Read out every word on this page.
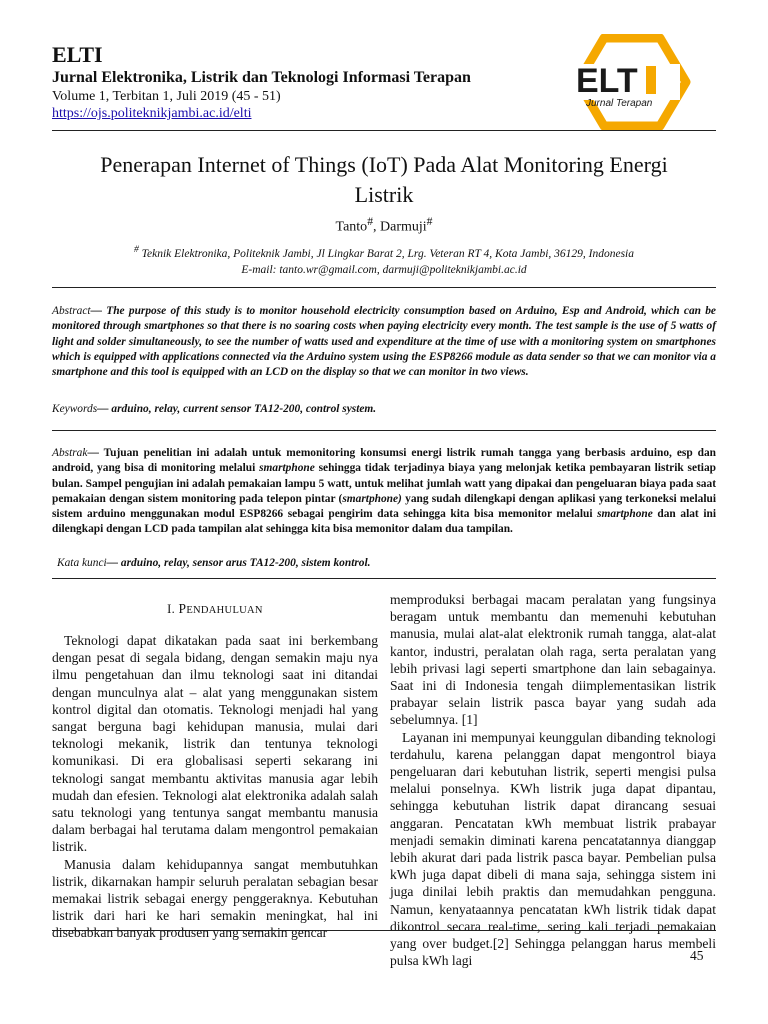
ELTI
Jurnal Elektronika, Listrik dan Teknologi Informasi Terapan
Volume 1, Terbitan 1, Juli 2019 (45 - 51)
https://ojs.politeknikjambi.ac.id/elti
ELT
Jurnal Terapan
Penerapan Internet of Things (IoT) Pada Alat Monitoring Energi Listrik
Tanto#, Darmuji#
# Teknik Elektronika, Politeknik Jambi, Jl Lingkar Barat 2, Lrg. Veteran RT 4, Kota Jambi, 36129, Indonesia
E-mail: tanto.wr@gmail.com, darmuji@politeknikjambi.ac.id
Abstract— The purpose of this study is to monitor household electricity consumption based on Arduino, Esp and Android, which can be monitored through smartphones so that there is no soaring costs when paying electricity every month. The test sample is the use of 5 watts of light and solder simultaneously, to see the number of watts used and expenditure at the time of use with a monitoring system on smartphones which is equipped with applications connected via the Arduino system using the ESP8266 module as data sender so that we can monitor via a smartphone and this tool is equipped with an LCD on the display so that we can monitor in two views.
Keywords— arduino, relay, current sensor TA12-200, control system.
Abstrak— Tujuan penelitian ini adalah untuk memonitoring konsumsi energi listrik rumah tangga yang berbasis arduino, esp dan android, yang bisa di monitoring melalui smartphone sehingga tidak terjadinya biaya yang melonjak ketika pembayaran listrik setiap bulan. Sampel pengujian ini adalah pemakaian lampu 5 watt, untuk melihat jumlah watt yang dipakai dan pengeluaran biaya pada saat pemakaian dengan sistem monitoring pada telepon pintar (smartphone) yang sudah dilengkapi dengan aplikasi yang terkoneksi melalui sistem arduino menggunakan modul ESP8266 sebagai pengirim data sehingga kita bisa memonitor melalui smartphone dan alat ini dilengkapi dengan LCD pada tampilan alat sehingga kita bisa memonitor dalam dua tampilan.
Kata kunci— arduino, relay, sensor arus TA12-200, sistem kontrol.
I. PENDAHULUAN

Teknologi dapat dikatakan pada saat ini berkembang dengan pesat di segala bidang, dengan semakin maju nya ilmu pengetahuan dan ilmu teknologi saat ini ditandai dengan munculnya alat – alat yang menggunakan sistem kontrol digital dan otomatis. Teknologi menjadi hal yang sangat berguna bagi kehidupan manusia, mulai dari teknologi mekanik, listrik dan tentunya teknologi komunikasi. Di era globalisasi seperti sekarang ini teknologi sangat membantu aktivitas manusia agar lebih mudah dan efesien. Teknologi alat elektronika adalah salah satu teknologi yang tentunya sangat membantu manusia dalam berbagai hal terutama dalam mengontrol pemakaian listrik.

Manusia dalam kehidupannya sangat membutuhkan listrik, dikarnakan hampir seluruh peralatan sebagian besar memakai listrik sebagai energy penggeraknya. Kebutuhan listrik dari hari ke hari semakin meningkat, hal ini disebabkan banyak produsen yang semakin gencar

memproduksi berbagai macam peralatan yang fungsinya beragam untuk membantu dan memenuhi kebutuhan manusia, mulai alat-alat elektronik rumah tangga, alat-alat kantor, industri, peralatan olah raga, serta peralatan yang lebih privasi lagi seperti smartphone dan lain sebagainya. Saat ini di Indonesia tengah diimplementasikan listrik prabayar selain listrik pasca bayar yang sudah ada sebelumnya. [1]

Layanan ini mempunyai keunggulan dibanding teknologi terdahulu, karena pelanggan dapat mengontrol biaya pengeluaran dari kebutuhan listrik, seperti mengisi pulsa melalui ponselnya. KWh listrik juga dapat dipantau, sehingga kebutuhan listrik dapat dirancang sesuai anggaran. Pencatatan kWh membuat listrik prabayar menjadi semakin diminati karena pencatatannya dianggap lebih akurat dari pada listrik pasca bayar. Pembelian pulsa kWh juga dapat dibeli di mana saja, sehingga sistem ini juga dinilai lebih praktis dan memudahkan pengguna. Namun, kenyataannya pencatatan kWh listrik tidak dapat dikontrol secara real-time, sering kali terjadi pemakaian yang over budget.[2] Sehingga pelanggan harus membeli pulsa kWh lagi	45
